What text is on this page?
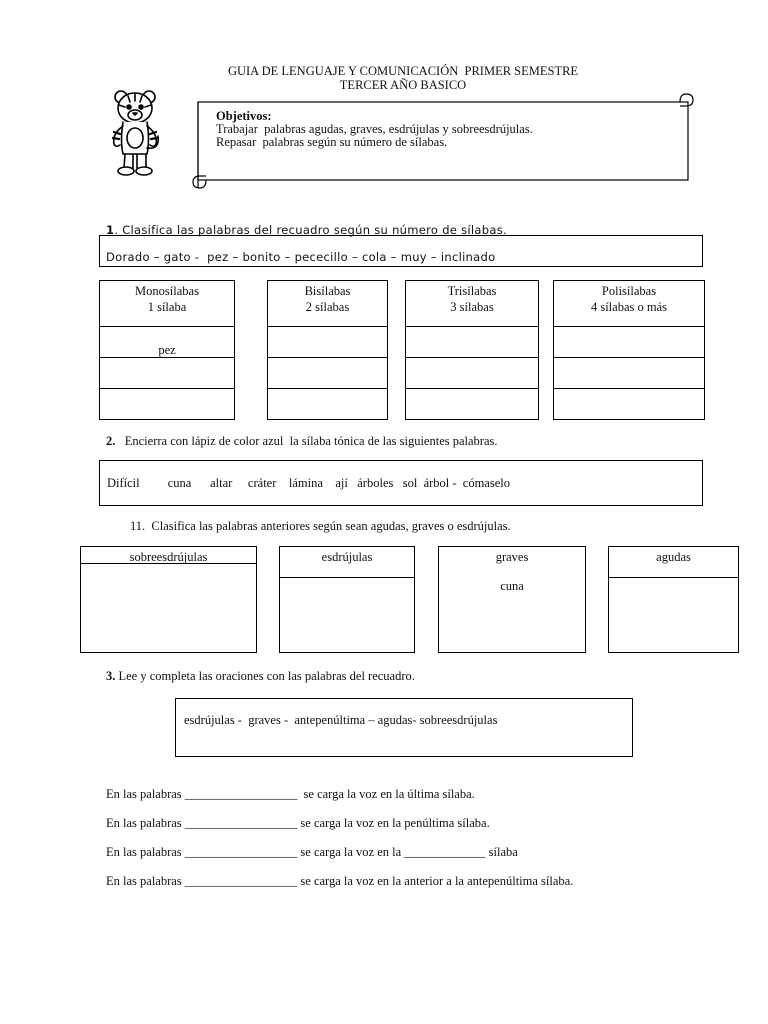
GUIA DE LENGUAJE Y COMUNICACIÓN  PRIMER SEMESTRE
TERCER AÑO BASICO
Objetivos:
Trabajar  palabras agudas, graves, esdrújulas y sobreesdrújulas.
Repasar  palabras según su número de sílabas.
1. Clasifica las palabras del recuadro según su número de sílabas.
Dorado – gato -  pez – bonito – pececillo – cola – muy – inclinado
Monosílabas
1 sílaba
pez
Bisílabas
2 sílabas
Trisílabas
3 sílabas
Polisílabas
4 sílabas o más
2. Encierra con lápiz de color azul  la sílaba tónica de las siguientes palabras.
Difícil         cuna      altar     cráter    lámina    ají   árboles   sol  árbol -  cómaselo
11.  Clasifica las palabras anteriores según sean agudas, graves o esdrújulas.
sobreesdrújulas	esdrújulas	graves
cuna
agudas
3. Lee y completa las oraciones con las palabras del recuadro.
esdrújulas -  graves -  antepenúltima – agudas- sobreesdrújulas
En las palabras __________________  se carga la voz en la última sílaba.
En las palabras __________________ se carga la voz en la penúltima sílaba.
En las palabras __________________ se carga la voz en la _____________ sílaba
En las palabras __________________ se carga la voz en la anterior a la antepenúltima sílaba.
